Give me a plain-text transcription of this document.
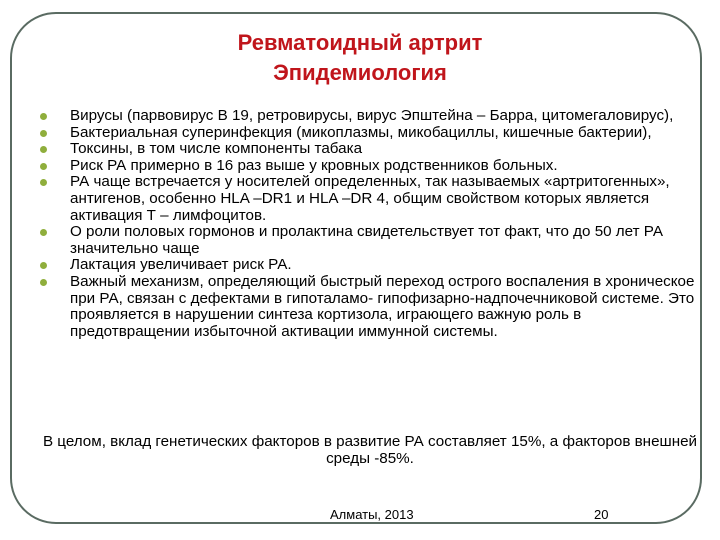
Ревматоидный артрит
Эпидемиология
Вирусы (парвовирус В 19, ретровирусы, вирус Эпштейна – Барра, цитомегаловирус),
Бактериальная суперинфекция (микоплазмы, микобациллы, кишечные бактерии),
Токсины, в том числе компоненты табака
Риск РА примерно в 16 раз выше у кровных родственников больных.
РА чаще встречается у носителей определенных, так называемых «артритогенных», антигенов, особенно HLA –DR1 и HLA –DR 4, общим свойством которых является активация Т – лимфоцитов.
О роли половых гормонов и пролактина свидетельствует тот факт, что до 50 лет РА значительно чаще
Лактация увеличивает риск РА.
Важный механизм, определяющий быстрый переход острого воспаления в хроническое при РА, связан с дефектами в гипоталамо- гипофизарно-надпочечниковой системе. Это проявляется в нарушении синтеза кортизола, играющего важную роль в предотвращении избыточной активации иммунной системы.
В целом, вклад генетических факторов в развитие РА составляет 15%, а факторов внешней среды -85%.
Алматы, 2013	20
